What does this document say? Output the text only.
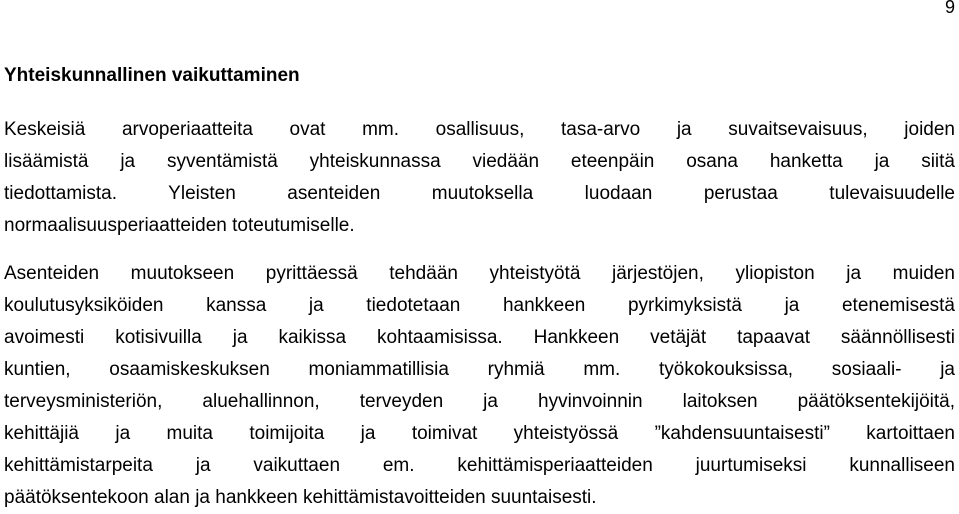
9
Yhteiskunnallinen vaikuttaminen

Keskeisiä arvoperiaatteita ovat mm. osallisuus, tasa-arvo ja suvaitsevaisuus, joiden
lisäämistä ja syventämistä yhteiskunnassa viedään eteenpäin osana hanketta ja siitä
tiedottamista. Yleisten asenteiden muutoksella luodaan perustaa tulevaisuudelle
normaalisuusperiaatteiden toteutumiselle.

Asenteiden muutokseen pyrittäessä tehdään yhteistyötä järjestöjen, yliopiston ja muiden
koulutusyksiköiden kanssa ja tiedotetaan hankkeen pyrkimyksistä ja etenemisestä
avoimesti kotisivuilla ja kaikissa kohtaamisissa. Hankkeen vetäjät tapaavat säännöllisesti
kuntien, osaamiskeskuksen moniammatillisia ryhmiä mm. työkokouksissa, sosiaali- ja
terveysministeriön, aluehallinnon, terveyden ja hyvinvoinnin laitoksen päätöksentekijöitä,
kehittäjiä ja muita toimijoita ja toimivat yhteistyössä ”kahdensuuntaisesti” kartoittaen
kehittämistarpeita ja vaikuttaen em. kehittämisperiaatteiden juurtumiseksi kunnalliseen
päätöksentekoon alan ja hankkeen kehittämistavoitteiden suuntaisesti.
